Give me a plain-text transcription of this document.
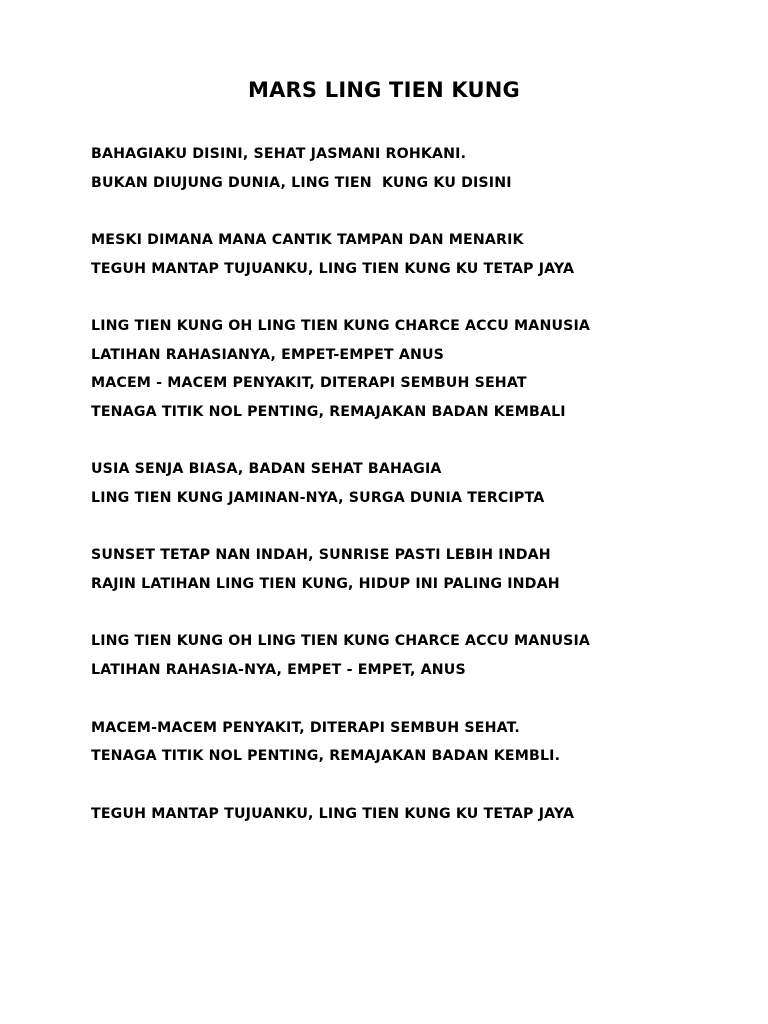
MARS LING TIEN KUNG
BAHAGIAKU DISINI, SEHAT JASMANI ROHKANI.
BUKAN DIUJUNG DUNIA, LING TIEN  KUNG KU DISINI
MESKI DIMANA MANA CANTIK TAMPAN DAN MENARIK
TEGUH MANTAP TUJUANKU, LING TIEN KUNG KU TETAP JAYA
LING TIEN KUNG OH LING TIEN KUNG CHARCE ACCU MANUSIA
LATIHAN RAHASIANYA, EMPET-EMPET ANUS
MACEM - MACEM PENYAKIT, DITERAPI SEMBUH SEHAT
TENAGA TITIK NOL PENTING, REMAJAKAN BADAN KEMBALI
USIA SENJA BIASA, BADAN SEHAT BAHAGIA
LING TIEN KUNG JAMINAN-NYA, SURGA DUNIA TERCIPTA
SUNSET TETAP NAN INDAH, SUNRISE PASTI LEBIH INDAH
RAJIN LATIHAN LING TIEN KUNG, HIDUP INI PALING INDAH
LING TIEN KUNG OH LING TIEN KUNG CHARCE ACCU MANUSIA
LATIHAN RAHASIA-NYA, EMPET - EMPET, ANUS
MACEM-MACEM PENYAKIT, DITERAPI SEMBUH SEHAT.
TENAGA TITIK NOL PENTING, REMAJAKAN BADAN KEMBLI.
TEGUH MANTAP TUJUANKU, LING TIEN KUNG KU TETAP JAYA
